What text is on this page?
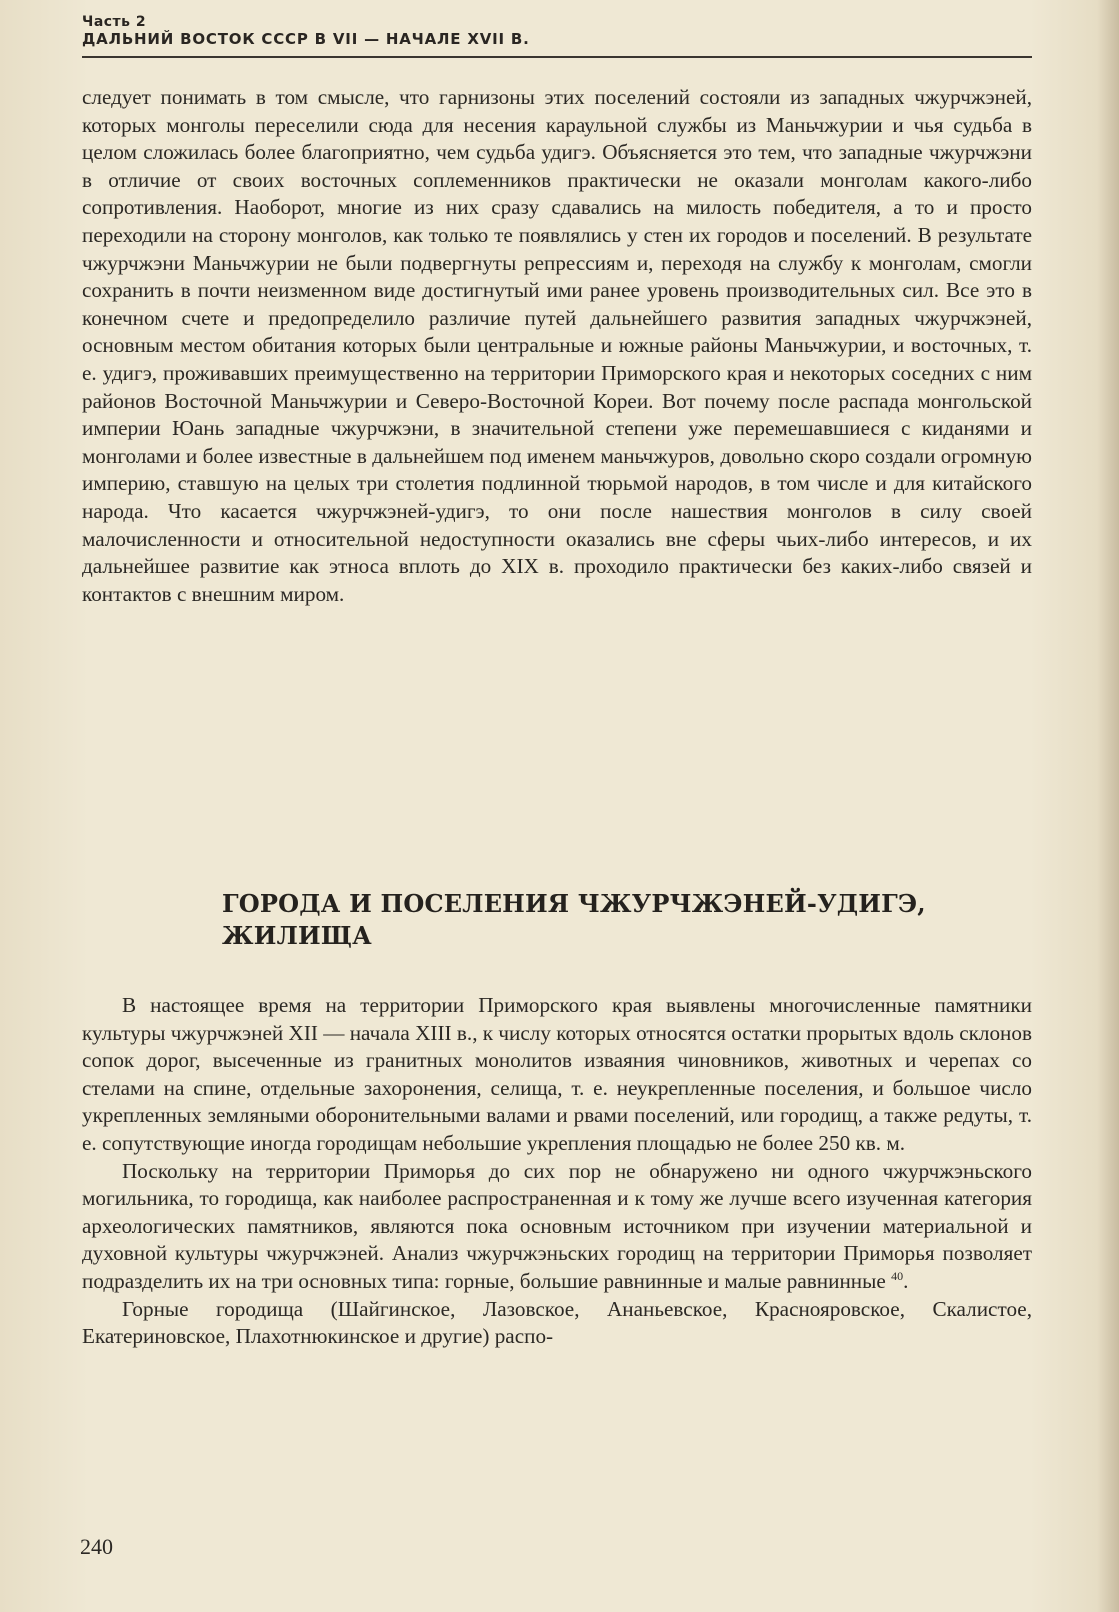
Часть 2
ДАЛЬНИЙ ВОСТОК СССР В VII — НАЧАЛЕ XVII В.

следует понимать в том смысле, что гарнизоны этих поселений состояли из западных чжурчжэней, которых монголы переселили сюда для несения караульной службы из Маньчжурии и чья судьба в целом сложилась более благоприятно, чем судьба удигэ. Объясняется это тем, что западные чжурчжэни в отличие от своих восточных соплеменников практически не оказали монголам какого-либо сопротивления. Наоборот, многие из них сразу сдавались на милость победителя, а то и просто переходили на сторону монголов, как только те появлялись у стен их городов и поселений. В результате чжурчжэни Маньчжурии не были подвергнуты репрессиям и, переходя на службу к монголам, смогли сохранить в почти неизменном виде достигнутый ими ранее уровень производительных сил. Все это в конечном счете и предопределило различие путей дальнейшего развития западных чжурчжэней, основным местом обитания которых были центральные и южные районы Маньчжурии, и восточных, т. е. удигэ, проживавших преимущественно на территории Приморского края и некоторых соседних с ним районов Восточной Маньчжурии и Северо-Восточной Кореи. Вот почему после распада монгольской империи Юань западные чжурчжэни, в значительной степени уже перемешавшиеся с киданями и монголами и более известные в дальнейшем под именем маньчжуров, довольно скоро создали огромную империю, ставшую на целых три столетия подлинной тюрьмой народов, в том числе и для китайского народа. Что касается чжурчжэней-удигэ, то они после нашествия монголов в силу своей малочисленности и относительной недоступности оказались вне сферы чьих-либо интересов, и их дальнейшее развитие как этноса вплоть до XIX в. проходило практически без каких-либо связей и контактов с внешним миром.

ГОРОДА И ПОСЕЛЕНИЯ ЧЖУРЧЖЭНЕЙ-УДИГЭ,
ЖИЛИЩА

В настоящее время на территории Приморского края выявлены многочисленные памятники культуры чжурчжэней XII — начала XIII в., к числу которых относятся остатки прорытых вдоль склонов сопок дорог, высеченные из гранитных монолитов изваяния чиновников, животных и черепах со стелами на спине, отдельные захоронения, селища, т. е. неукрепленные поселения, и большое число укрепленных земляными оборонительными валами и рвами поселений, или городищ, а также редуты, т. е. сопутствующие иногда городищам небольшие укрепления площадью не более 250 кв. м.

Поскольку на территории Приморья до сих пор не обнаружено ни одного чжурчжэньского могильника, то городища, как наиболее распространенная и к тому же лучше всего изученная категория археологических памятников, являются пока основным источником при изучении материальной и духовной культуры чжурчжэней. Анализ чжурчжэньских городищ на территории Приморья позволяет подразделить их на три основных типа: горные, большие равнинные и малые равнинные $^{40}$.

Горные городища (Шайгинское, Лазовское, Ананьевское, Краснояровское, Скалистое, Екатериновское, Плахотнюкинское и другие) распо-

240
